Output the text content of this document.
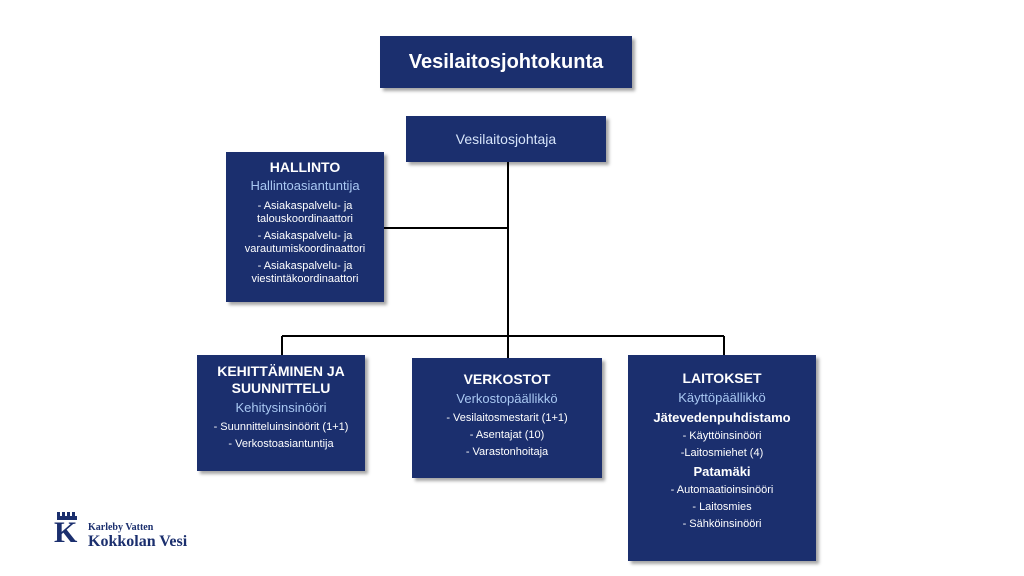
Vesilaitosjohtokunta
Vesilaitosjohtaja
HALLINTO
Hallintoasiantuntija
- Asiakaspalvelu- ja talouskoordinaattori
- Asiakaspalvelu- ja varautumiskoordinaattori
- Asiakaspalvelu- ja viestintäkoordinaattori
KEHITTÄMINEN JA SUUNNITTELU
Kehitysinsinööri
- Suunnitteluinsinöörit (1+1)
- Verkostoasiantuntija
VERKOSTOT
Verkostopäällikkö
- Vesilaitosmestarit (1+1)
- Asentajat (10)
- Varastonhoitaja
LAITOKSET
Käyttöpäällikkö
Jätevedenpuhdistamo
- Käyttöinsinööri
-Laitosmiehet (4)
Patamäki
- Automaatioinsinööri
- Laitosmies
- Sähköinsinööri
K Karleby Vatten
Kokkolan Vesi
